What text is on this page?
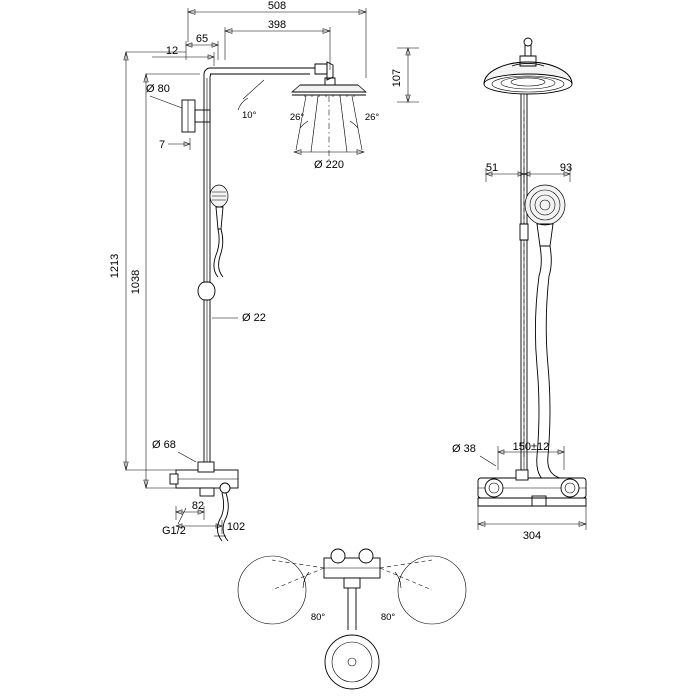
508
398
65
12
107
Ø 80
7
10°	26°	26°
Ø 220
1213
1038
Ø 22
Ø 68
G1/2
82
102
51	93
Ø 38	150±12
304
80°	80°
